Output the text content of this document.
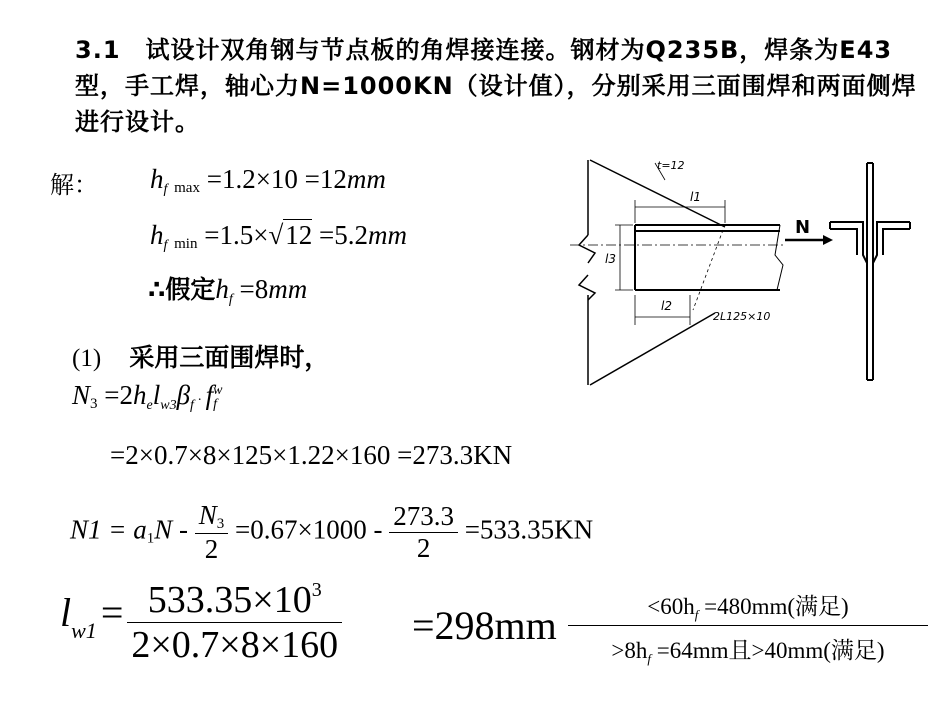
3.1　试设计双角钢与节点板的角焊接连接。钢材为Q235B，焊条为E43型，手工焊，轴心力N=1000KN（设计值），分别采用三面围焊和两面侧焊进行设计。
解： hf $_{max}$ =1.2×10 =12mm
hf $_{min}$ =1.5×√12 =5.2mm
∴假定hf =8mm
(1) 采用三面围焊时，
$N_3$ =2helw3βf · f w
f
=2×0.7×8×125×1.22×160 =273.3KN
$N1 = a_1N - \frac{N_3}{2} =0.67\times 1000 - \frac{273.3}{2} =533.35KN$
$lw1 = \frac{533.35\times 10^3}{2\times 0.7\times 8\times 160} =298mm$	$<60h_f =480mm$(满足)
$>8h_f =64mm$且>40mm(满足)
t=12
l1
l3
l2
2L125×10
N
